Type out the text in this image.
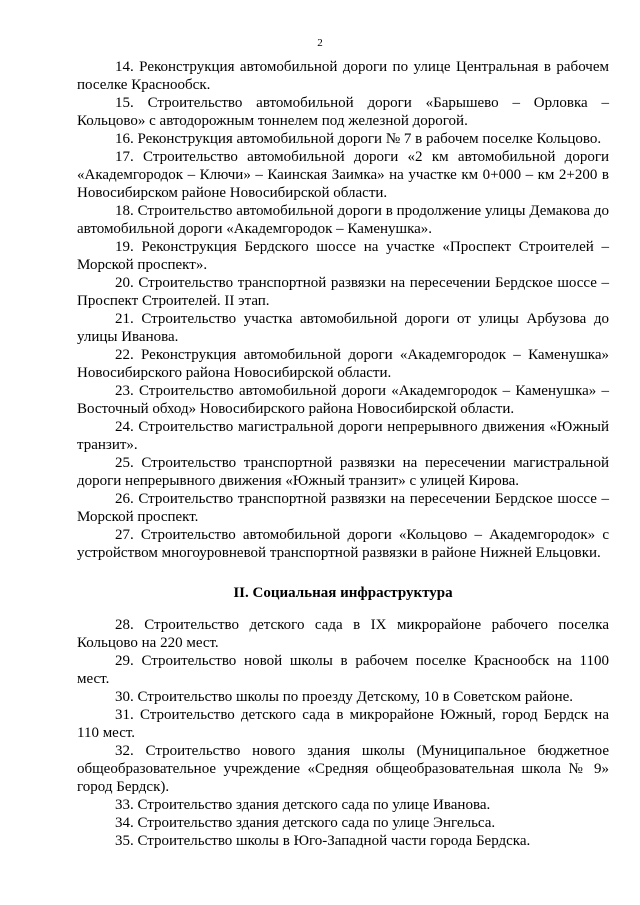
2

14. Реконструкция автомобильной дороги по улице Центральная в рабочем поселке Краснообск.

15. Строительство автомобильной дороги «Барышево – Орловка – Кольцово» с автодорожным тоннелем под железной дорогой.

16. Реконструкция автомобильной дороги № 7 в рабочем поселке Кольцово.

17. Строительство автомобильной дороги «2 км автомобильной дороги «Академгородок – Ключи» – Каинская Заимка» на участке км 0+000 – км 2+200 в Новосибирском районе Новосибирской области.

18. Строительство автомобильной дороги в продолжение улицы Демакова до автомобильной дороги «Академгородок – Каменушка».

19. Реконструкция Бердского шоссе на участке «Проспект Строителей – Морской проспект».

20. Строительство транспортной развязки на пересечении Бердское шоссе – Проспект Строителей. II этап.

21. Строительство участка автомобильной дороги от улицы Арбузова до улицы Иванова.

22. Реконструкция автомобильной дороги «Академгородок – Каменушка» Новосибирского района Новосибирской области.

23. Строительство автомобильной дороги «Академгородок – Каменушка» – Восточный обход» Новосибирского района Новосибирской области.

24. Строительство магистральной дороги непрерывного движения «Южный транзит».

25. Строительство транспортной развязки на пересечении магистральной дороги непрерывного движения «Южный транзит» с улицей Кирова.

26. Строительство транспортной развязки на пересечении Бердское шоссе – Морской проспект.

27. Строительство автомобильной дороги «Кольцово – Академгородок» с устройством многоуровневой транспортной развязки в районе Нижней Ельцовки.

II. Социальная инфраструктура

28. Строительство детского сада в IX микрорайоне рабочего поселка Кольцово на 220 мест.

29. Строительство новой школы в рабочем поселке Краснообск на 1100 мест.

30. Строительство школы по проезду Детскому, 10 в Советском районе.

31. Строительство детского сада в микрорайоне Южный, город Бердск на 110 мест.

32. Строительство нового здания школы (Муниципальное бюджетное общеобразовательное учреждение «Средняя общеобразовательная школа № 9» город Бердск).

33. Строительство здания детского сада по улице Иванова.

34. Строительство здания детского сада по улице Энгельса.

35. Строительство школы в Юго-Западной части города Бердска.
